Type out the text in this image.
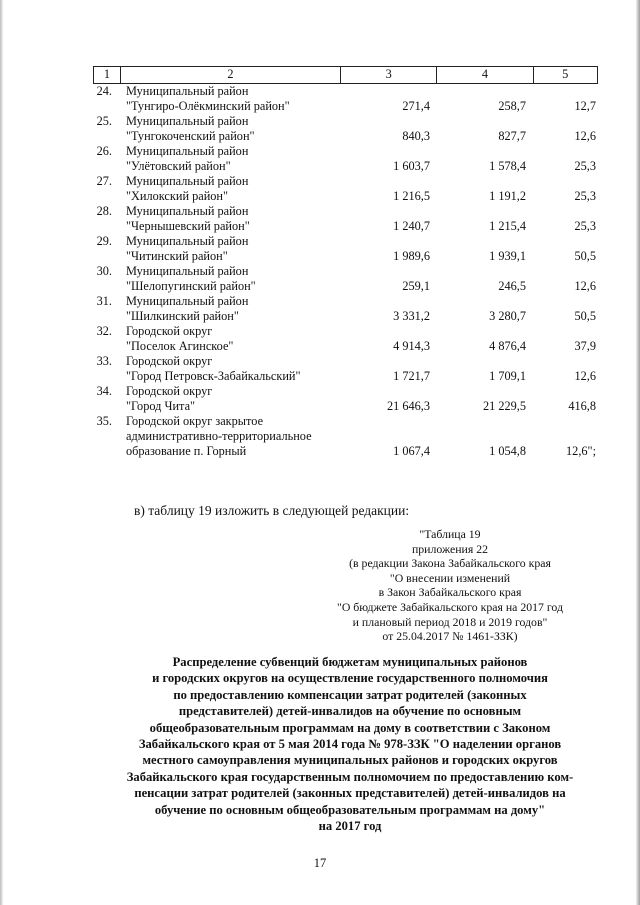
1	2	3	4	5
24.	Муниципальный район
"Тунгиро-Олёкминский район"	271,4	258,7	12,7
25.	Муниципальный район
"Тунгокоченский район"	840,3	827,7	12,6
26.	Муниципальный район
"Улётовский район"	1 603,7	1 578,4	25,3
27.	Муниципальный район
"Хилокский район"	1 216,5	1 191,2	25,3
28.	Муниципальный район
"Чернышевский район"	1 240,7	1 215,4	25,3
29.	Муниципальный район
"Читинский район"	1 989,6	1 939,1	50,5
30.	Муниципальный район
"Шелопугинский район"	259,1	246,5	12,6
31.	Муниципальный район
"Шилкинский район"	3 331,2	3 280,7	50,5
32.	Городской округ
"Поселок Агинское"	4 914,3	4 876,4	37,9
33.	Городской округ
"Город Петровск-Забайкальский"	1 721,7	1 709,1	12,6
34.	Городской округ
"Город Чита"	21 646,3	21 229,5	416,8
35.	Городской округ закрытое
административно-территориальное
образование п. Горный	1 067,4	1 054,8	12,6";
в) таблицу 19 изложить в следующей редакции:
"Таблица 19
приложения 22
(в редакции Закона Забайкальского края
"О внесении изменений
в Закон Забайкальского края
"О бюджете Забайкальского края на 2017 год
и плановый период 2018 и 2019 годов"
от 25.04.2017 № 1461-ЗЗК)
Распределение субвенций бюджетам муниципальных районов
и городских округов на осуществление государственного полномочия
по предоставлению компенсации затрат родителей (законных
представителей) детей-инвалидов на обучение по основным
общеобразовательным программам на дому в соответствии с Законом
Забайкальского края от 5 мая 2014 года № 978-ЗЗК "О наделении органов
местного самоуправления муниципальных районов и городских округов
Забайкальского края государственным полномочием по предоставлению ком-
пенсации затрат родителей (законных представителей) детей-инвалидов на
обучение по основным общеобразовательным программам на дому"
на 2017 год
17
